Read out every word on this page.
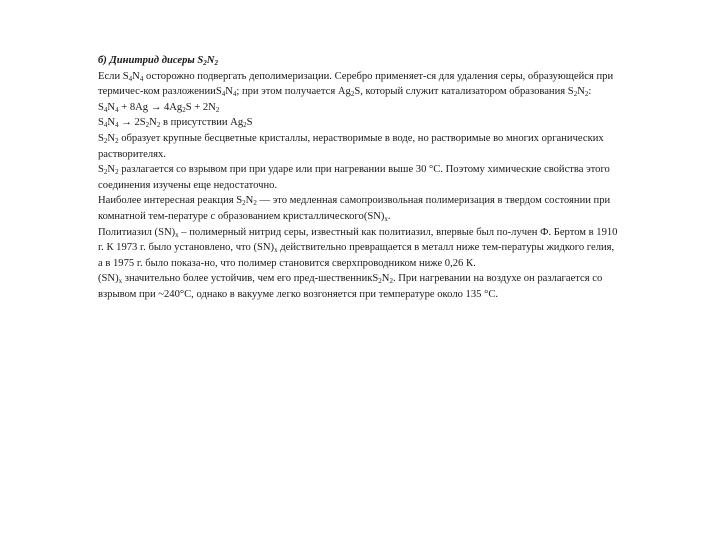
б) Динитрид дисеры $S_2N_2$

Если $S_4N_4$ осторожно подвергать деполимеризации. Серебро применяет-ся для удаления серы, образующейся при термичес-ком $разложенииS_4N_4$; при этом получается $Ag_2S$, который служит катализатором образования $S_2N_2$:

$S_4N_4 + 8Ag \to 4Ag_2S + 2N_2$

$S_4N_4 \to 2S_2N_2$ в присутствии $Ag_2S$

$S_2N_2$ образует крупные бесцветные кристаллы, нерастворимые в воде, но растворимые во многих органических растворителях.

$S_2N_2$ разлагается со взрывом при при ударе или при нагревании выше 30 °С. Поэтому химические свойства этого соединения изучены еще недостаточно.

Наиболее интересная реакция $S_2N_2$ — это медленная самопроизвольная полимеризация в твердом состоянии при комнатной тем-пературе с образованием $кристаллического(SN)_x$.

Политиазил $(SN)_x$ – полимерный нитрид серы, известный как политиазил, впервые был по-лучен Ф. Бертом в 1910 г. К 1973 г. было установлено, что $(SN)_x$ действительно превращается в металл ниже тем-пературы жидкого гелия, а в 1975 г. было показа-но, что полимер становится сверхпроводником ниже 0,26 К.

$(SN)_x$ значительно более устойчив, чем его пред-$шественникS_2N_2$. При нагревании на воздухе он разлагается со взрывом при ~240°С, однако в вакууме легко возгоняется при температуре около 135 °С.
